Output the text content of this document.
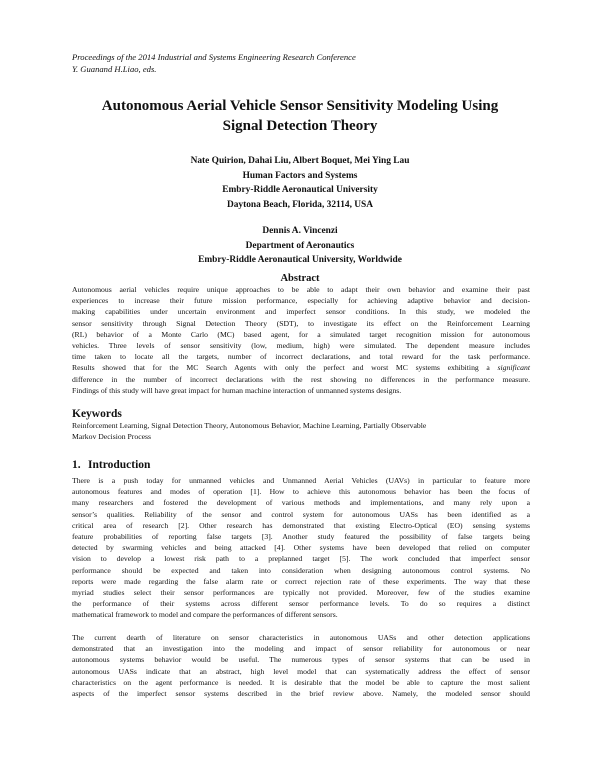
Proceedings of the 2014 Industrial and Systems Engineering Research Conference
Y. Guanand H.Liao, eds.
Autonomous Aerial Vehicle Sensor Sensitivity Modeling Using
Signal Detection Theory
Nate Quirion, Dahai Liu, Albert Boquet, Mei Ying Lau
Human Factors and Systems
Embry-Riddle Aeronautical University
Daytona Beach, Florida, 32114, USA
Dennis A. Vincenzi
Department of Aeronautics
Embry-Riddle Aeronautical University, Worldwide
Abstract
Autonomous aerial vehicles require unique approaches to be able to adapt their own behavior and examine their past
experiences to increase their future mission performance, especially for achieving adaptive behavior and decision-
making capabilities under uncertain environment and imperfect sensor conditions. In this study, we modeled the
sensor sensitivity through Signal Detection Theory (SDT), to investigate its effect on the Reinforcement Learning
(RL) behavior of a Monte Carlo (MC) based agent, for a simulated target recognition mission for autonomous
vehicles. Three levels of sensor sensitivity (low, medium, high) were simulated. The dependent measure includes
time taken to locate all the targets, number of incorrect declarations, and total reward for the task performance.
Results showed that for the MC Search Agents with only the perfect and worst MC systems exhibiting a significant
difference in the number of incorrect declarations with the rest showing no differences in the performance measure.
Findings of this study will have great impact for human machine interaction of unmanned systems designs.
Keywords
Reinforcement Learning, Signal Detection Theory, Autonomous Behavior, Machine Learning, Partially Observable
Markov Decision Process
1. Introduction
There is a push today for unmanned vehicles and Unmanned Aerial Vehicles (UAVs) in particular to feature more
autonomous features and modes of operation [1]. How to achieve this autonomous behavior has been the focus of
many researchers and fostered the development of various methods and implementations, and many rely upon a
sensor’s qualities. Reliability of the sensor and control system for autonomous UASs has been identified as a
critical area of research [2]. Other research has demonstrated that existing Electro-Optical (EO) sensing systems
feature probabilities of reporting false targets [3]. Another study featured the possibility of false targets being
detected by swarming vehicles and being attacked [4]. Other systems have been developed that relied on computer
vision to develop a lowest risk path to a preplanned target [5]. The work concluded that imperfect sensor
performance should be expected and taken into consideration when designing autonomous control systems. No
reports were made regarding the false alarm rate or correct rejection rate of these experiments. The way that these
myriad studies select their sensor performances are typically not provided. Moreover, few of the studies examine
the performance of their systems across different sensor performance levels. To do so requires a distinct
mathematical framework to model and compare the performances of different sensors.
The current dearth of literature on sensor characteristics in autonomous UASs and other detection applications
demonstrated that an investigation into the modeling and impact of sensor reliability for autonomous or near
autonomous systems behavior would be useful. The numerous types of sensor systems that can be used in
autonomous UASs indicate that an abstract, high level model that can systematically address the effect of sensor
characteristics on the agent performance is needed. It is desirable that the model be able to capture the most salient
aspects of the imperfect sensor systems described in the brief review above. Namely, the modeled sensor should
